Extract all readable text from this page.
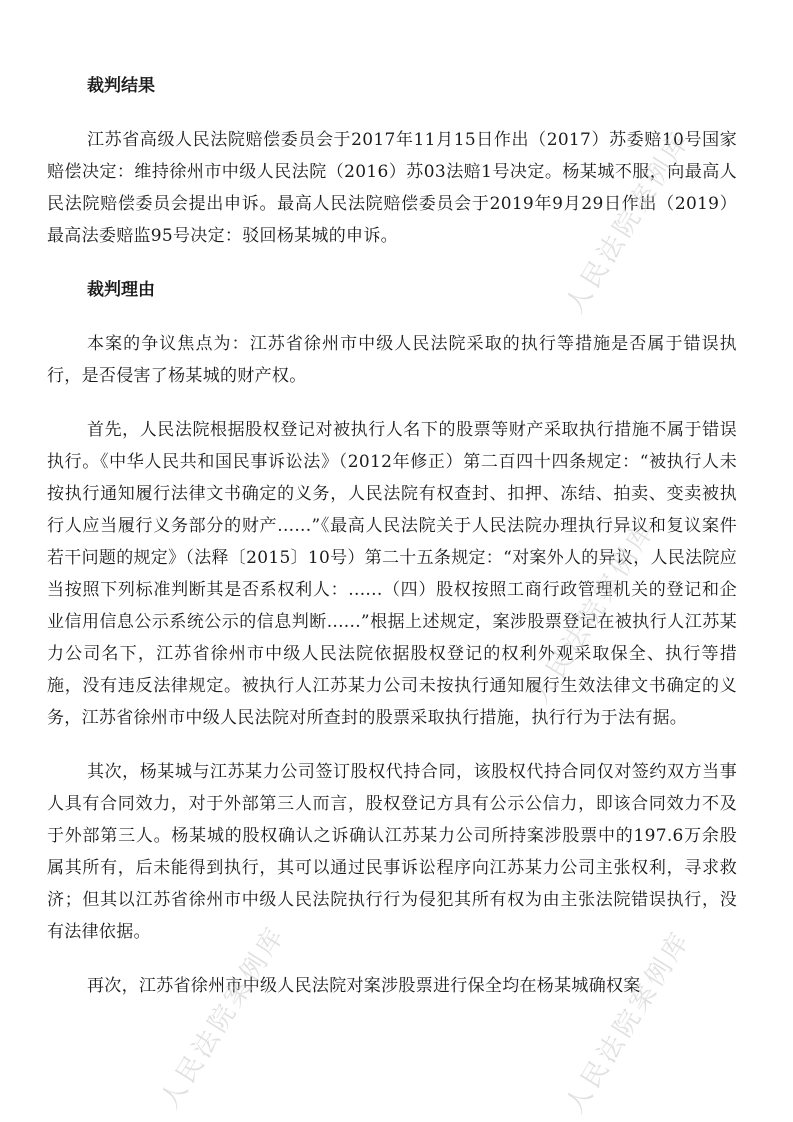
裁判结果

江苏省高级人民法院赔偿委员会于2017年11月15日作出（2017）苏委赔10号国家赔偿决定：维持徐州市中级人民法院（2016）苏03法赔1号决定。杨某城不服，向最高人民法院赔偿委员会提出申诉。最高人民法院赔偿委员会于2019年9月29日作出（2019）最高法委赔监95号决定：驳回杨某城的申诉。

裁判理由

本案的争议焦点为：江苏省徐州市中级人民法院采取的执行等措施是否属于错误执行，是否侵害了杨某城的财产权。

首先，人民法院根据股权登记对被执行人名下的股票等财产采取执行措施不属于错误执行。《中华人民共和国民事诉讼法》（2012年修正）第二百四十四条规定：“被执行人未按执行通知履行法律文书确定的义务，人民法院有权查封、扣押、冻结、拍卖、变卖被执行人应当履行义务部分的财产......”《最高人民法院关于人民法院办理执行异议和复议案件若干问题的规定》（法释〔2015〕10号）第二十五条规定：“对案外人的异议，人民法院应当按照下列标准判断其是否系权利人：......（四）股权按照工商行政管理机关的登记和企业信用信息公示系统公示的信息判断......”根据上述规定，案涉股票登记在被执行人江苏某力公司名下，江苏省徐州市中级人民法院依据股权登记的权利外观采取保全、执行等措施，没有违反法律规定。被执行人江苏某力公司未按执行通知履行生效法律文书确定的义务，江苏省徐州市中级人民法院对所查封的股票采取执行措施，执行行为于法有据。

其次，杨某城与江苏某力公司签订股权代持合同，该股权代持合同仅对签约双方当事人具有合同效力，对于外部第三人而言，股权登记方具有公示公信力，即该合同效力不及于外部第三人。杨某城的股权确认之诉确认江苏某力公司所持案涉股票中的197.6万余股属其所有，后未能得到执行，其可以通过民事诉讼程序向江苏某力公司主张权利，寻求救济；但其以江苏省徐州市中级人民法院执行行为侵犯其所有权为由主张法院错误执行，没有法律依据。

再次，江苏省徐州市中级人民法院对案涉股票进行保全均在杨某城确权案

人民法院案例库
人民法院案例库
人民法院案例库	人民法院案例库
